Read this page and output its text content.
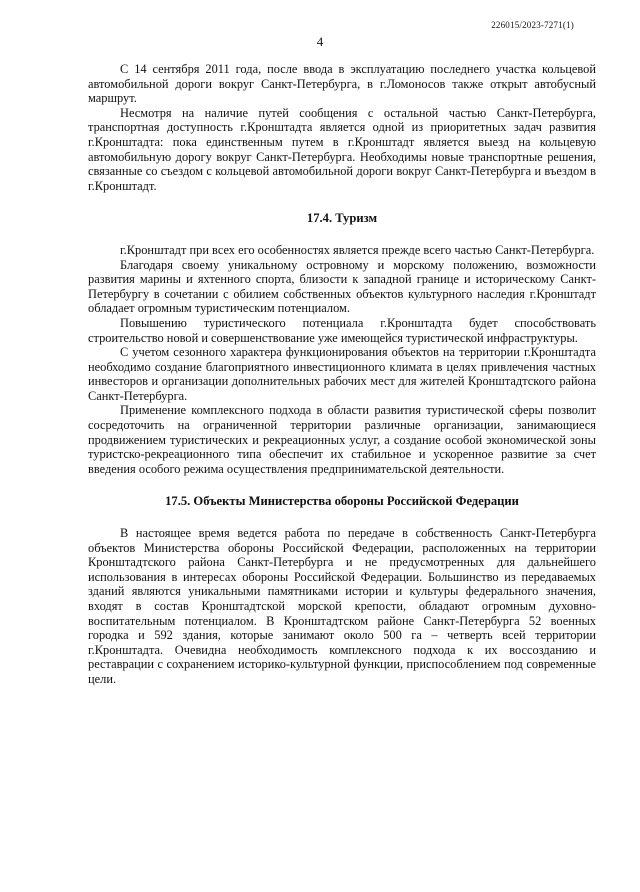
226015/2023-7271(1)
4

С 14 сентября 2011 года, после ввода в эксплуатацию последнего участка кольцевой автомобильной дороги вокруг Санкт-Петербурга, в г.Ломоносов также открыт автобусный маршрут.

Несмотря на наличие путей сообщения с остальной частью Санкт-Петербурга, транспортная доступность г.Кронштадта является одной из приоритетных задач развития г.Кронштадта: пока единственным путем в г.Кронштадт является выезд на кольцевую автомобильную дорогу вокруг Санкт-Петербурга. Необходимы новые транспортные решения, связанные со съездом с кольцевой автомобильной дороги вокруг Санкт-Петербурга и въездом в г.Кронштадт.

17.4. Туризм

г.Кронштадт при всех его особенностях является прежде всего частью Санкт-Петербурга.

Благодаря своему уникальному островному и морскому положению, возможности развития марины и яхтенного спорта, близости к западной границе и историческому Санкт-Петербургу в сочетании с обилием собственных объектов культурного наследия г.Кронштадт обладает огромным туристическим потенциалом.

Повышению туристического потенциала г.Кронштадта будет способствовать строительство новой и совершенствование уже имеющейся туристической инфраструктуры.

С учетом сезонного характера функционирования объектов на территории г.Кронштадта необходимо создание благоприятного инвестиционного климата в целях привлечения частных инвесторов и организации дополнительных рабочих мест для жителей Кронштадтского района Санкт-Петербурга.

Применение комплексного подхода в области развития туристической сферы позволит сосредоточить на ограниченной территории различные организации, занимающиеся продвижением туристических и рекреационных услуг, а создание особой экономической зоны туристско-рекреационного типа обеспечит их стабильное и ускоренное развитие за счет введения особого режима осуществления предпринимательской деятельности.

17.5. Объекты Министерства обороны Российской Федерации

В настоящее время ведется работа по передаче в собственность Санкт-Петербурга объектов Министерства обороны Российской Федерации, расположенных на территории Кронштадтского района Санкт-Петербурга и не предусмотренных для дальнейшего использования в интересах обороны Российской Федерации. Большинство из передаваемых зданий являются уникальными памятниками истории и культуры федерального значения, входят в состав Кронштадтской морской крепости, обладают огромным духовно-воспитательным потенциалом. В Кронштадтском районе Санкт-Петербурга 52 военных городка и 592 здания, которые занимают около 500 га – четверть всей территории г.Кронштадта. Очевидна необходимость комплексного подхода к их воссозданию и реставрации с сохранением историко-культурной функции, приспособлением под современные цели.
